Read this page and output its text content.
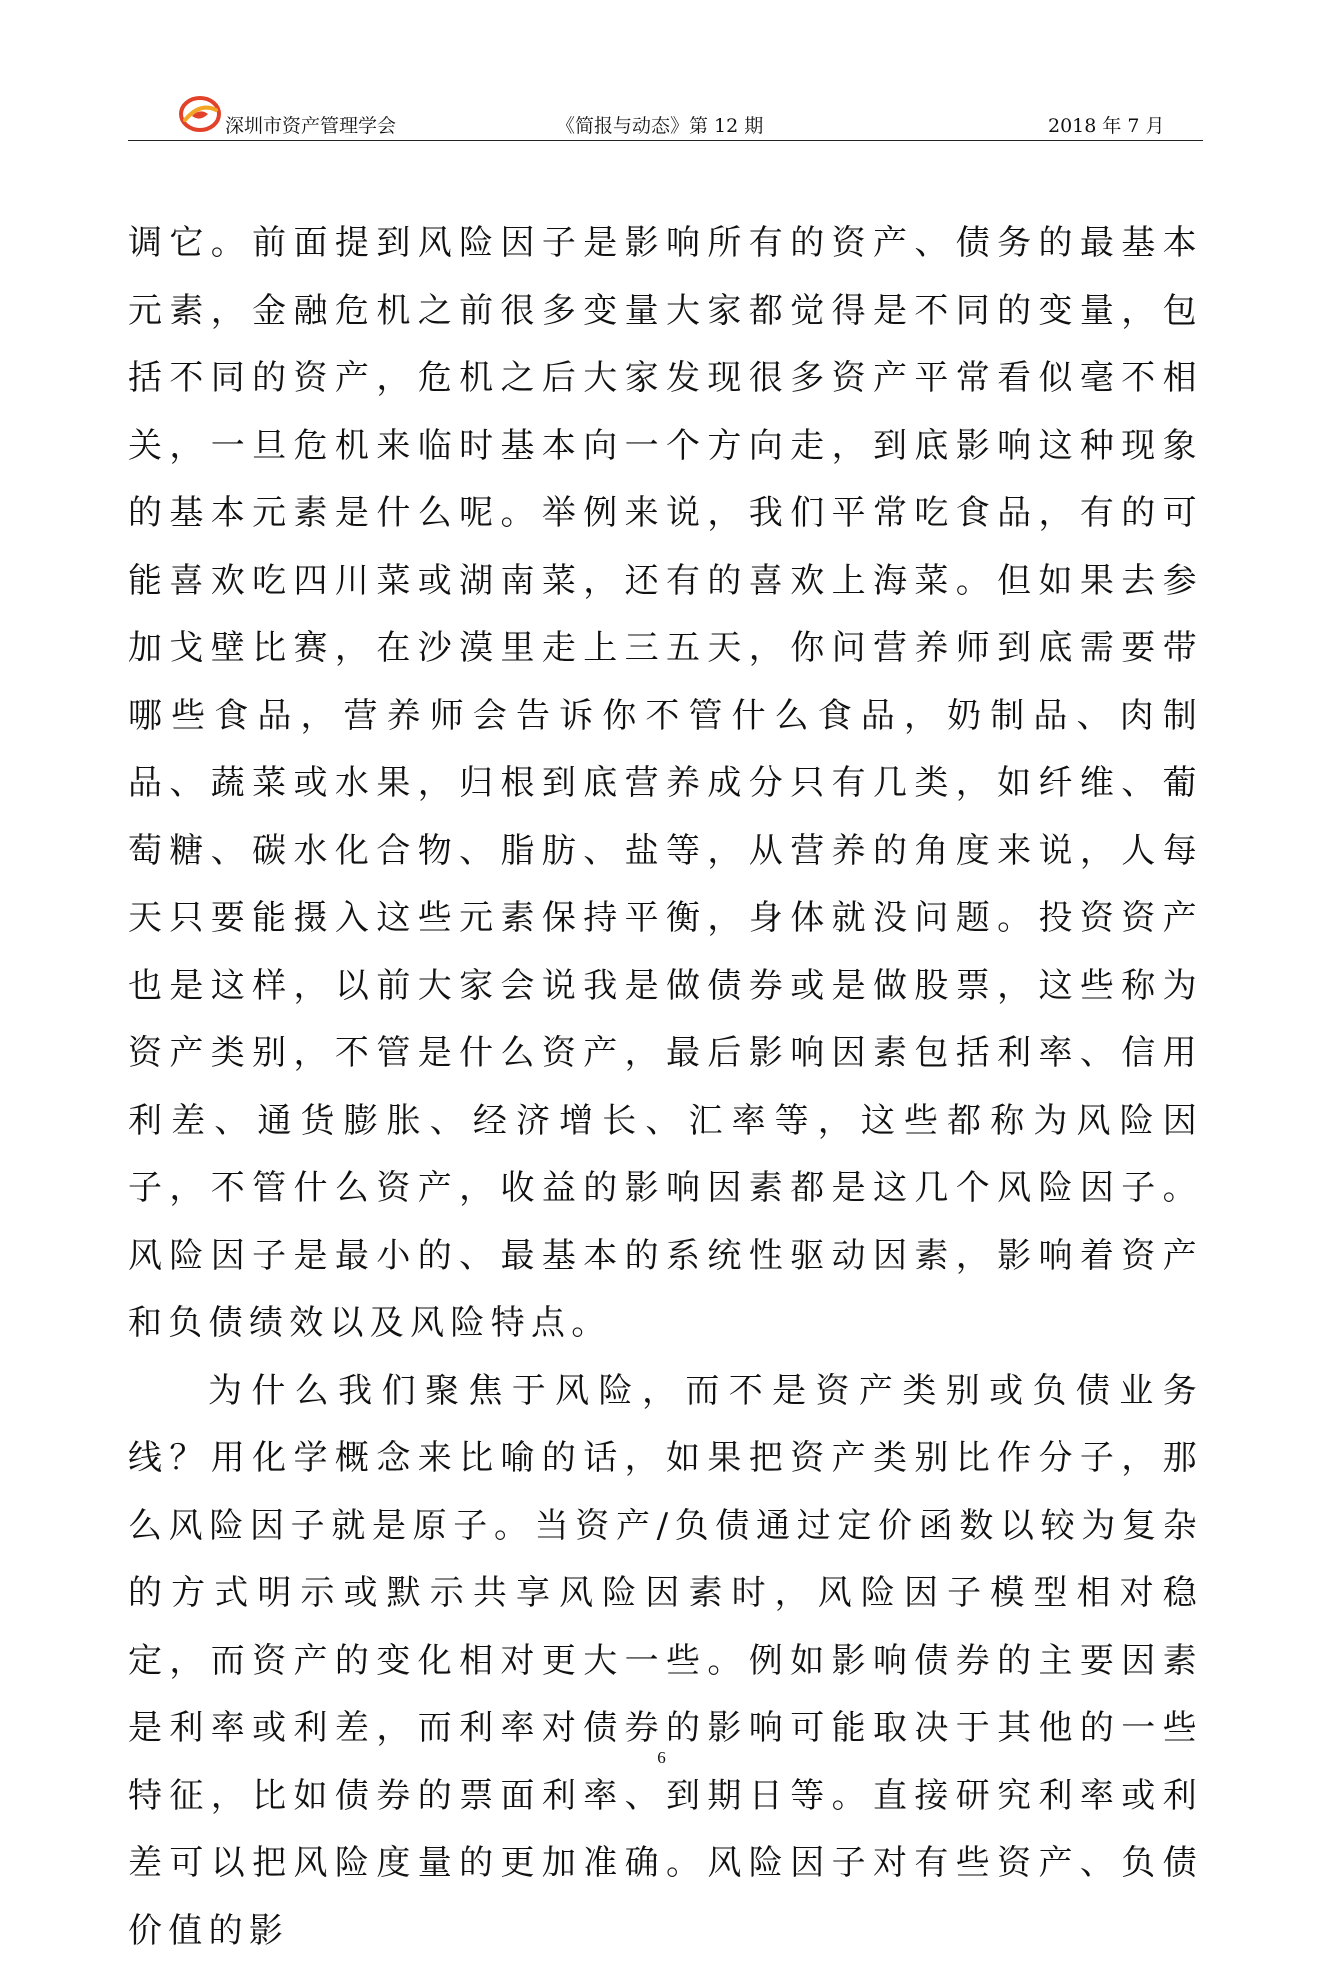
深圳市资产管理学会	《简报与动态》第 12 期	2018 年 7 月

调它。前面提到风险因子是影响所有的资产、债务的最基本元素，金融危机之前很多变量大家都觉得是不同的变量，包括不同的资产，危机之后大家发现很多资产平常看似毫不相关，一旦危机来临时基本向一个方向走，到底影响这种现象的基本元素是什么呢。举例来说，我们平常吃食品，有的可能喜欢吃四川菜或湖南菜，还有的喜欢上海菜。但如果去参加戈壁比赛，在沙漠里走上三五天，你问营养师到底需要带哪些食品，营养师会告诉你不管什么食品，奶制品、肉制品、蔬菜或水果，归根到底营养成分只有几类，如纤维、葡萄糖、碳水化合物、脂肪、盐等，从营养的角度来说，人每天只要能摄入这些元素保持平衡，身体就没问题。投资资产也是这样，以前大家会说我是做债券或是做股票，这些称为资产类别，不管是什么资产，最后影响因素包括利率、信用利差、通货膨胀、经济增长、汇率等，这些都称为风险因子，不管什么资产，收益的影响因素都是这几个风险因子。风险因子是最小的、最基本的系统性驱动因素，影响着资产和负债绩效以及风险特点。

为什么我们聚焦于风险，而不是资产类别或负债业务线？用化学概念来比喻的话，如果把资产类别比作分子，那么风险因子就是原子。当资产/负债通过定价函数以较为复杂的方式明示或默示共享风险因素时，风险因子模型相对稳定，而资产的变化相对更大一些。例如影响债券的主要因素是利率或利差，而利率对债券的影响可能取决于其他的一些特征，比如债券的票面利率、到期日等。直接研究利率或利差可以把风险度量的更加准确。风险因子对有些资产、负债价值的影

6
